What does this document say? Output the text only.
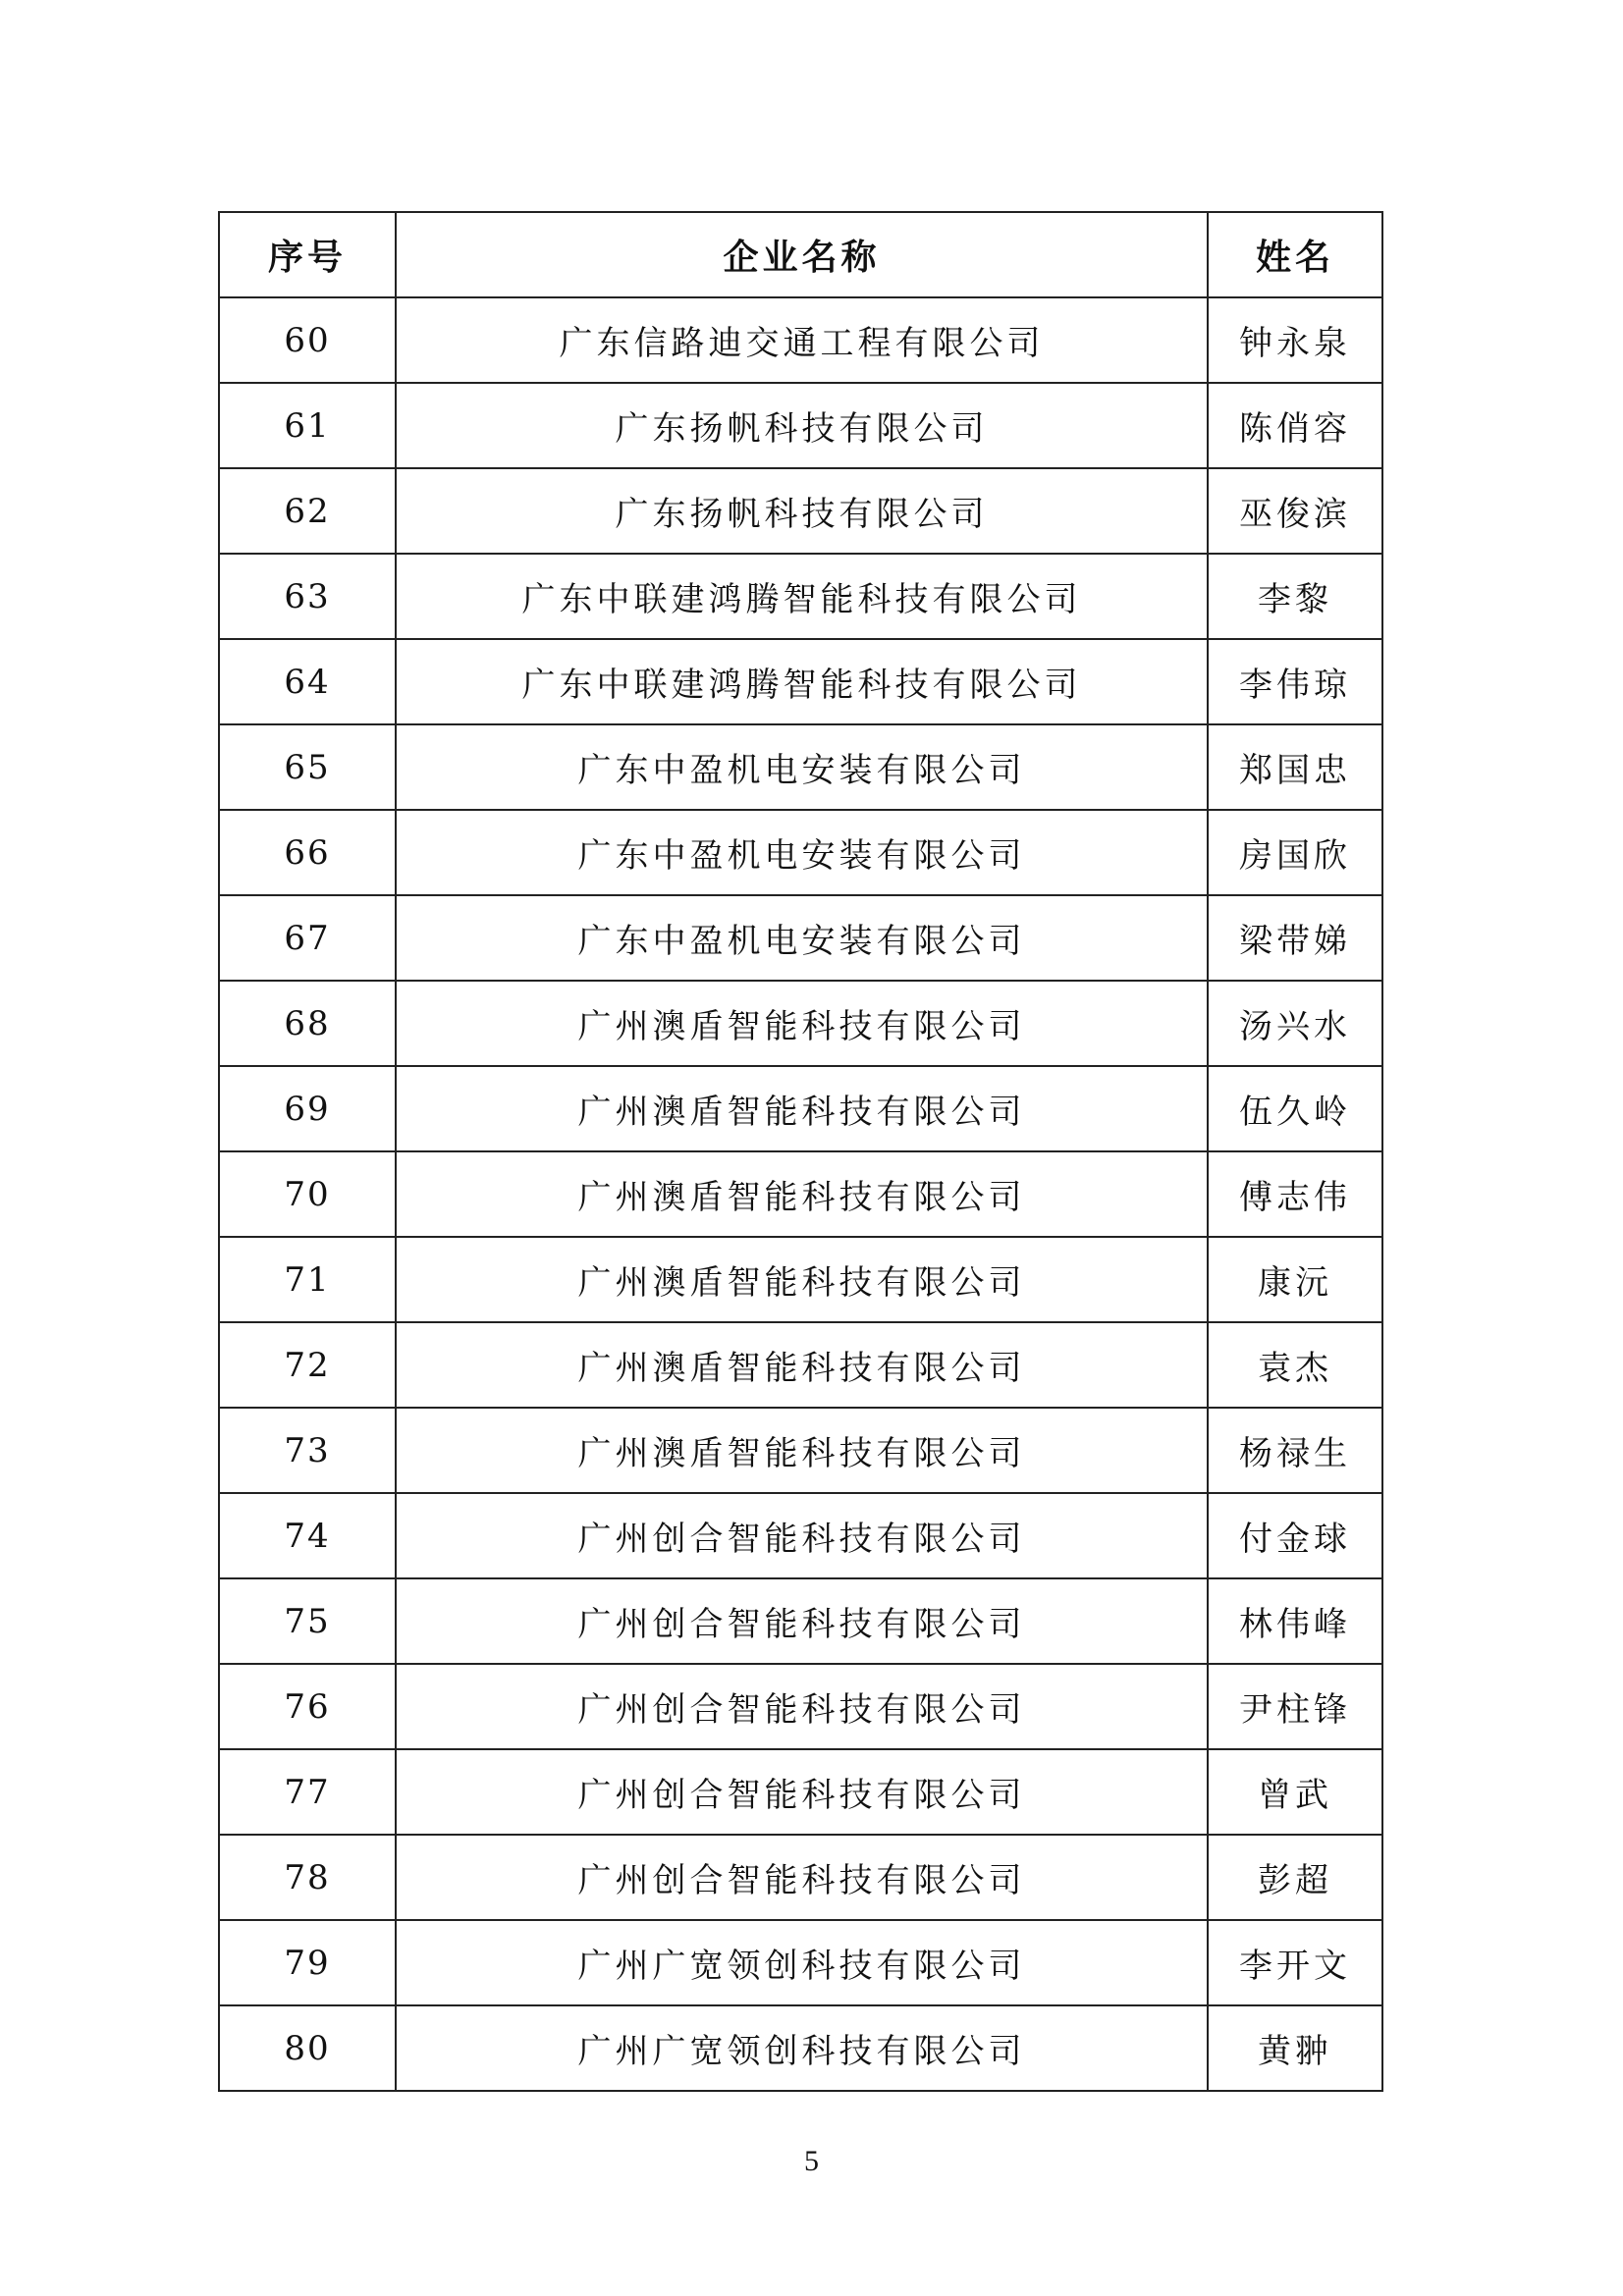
序号	企业名称	姓名
60	广东信路迪交通工程有限公司	钟永泉
61	广东扬帆科技有限公司	陈俏容
62	广东扬帆科技有限公司	巫俊滨
63	广东中联建鸿腾智能科技有限公司	李黎
64	广东中联建鸿腾智能科技有限公司	李伟琼
65	广东中盈机电安装有限公司	郑国忠
66	广东中盈机电安装有限公司	房国欣
67	广东中盈机电安装有限公司	梁带娣
68	广州澳盾智能科技有限公司	汤兴水
69	广州澳盾智能科技有限公司	伍久岭
70	广州澳盾智能科技有限公司	傅志伟
71	广州澳盾智能科技有限公司	康沅
72	广州澳盾智能科技有限公司	袁杰
73	广州澳盾智能科技有限公司	杨禄生
74	广州创合智能科技有限公司	付金球
75	广州创合智能科技有限公司	林伟峰
76	广州创合智能科技有限公司	尹柱锋
77	广州创合智能科技有限公司	曾武
78	广州创合智能科技有限公司	彭超
79	广州广宽领创科技有限公司	李开文
80	广州广宽领创科技有限公司	黄翀
5
